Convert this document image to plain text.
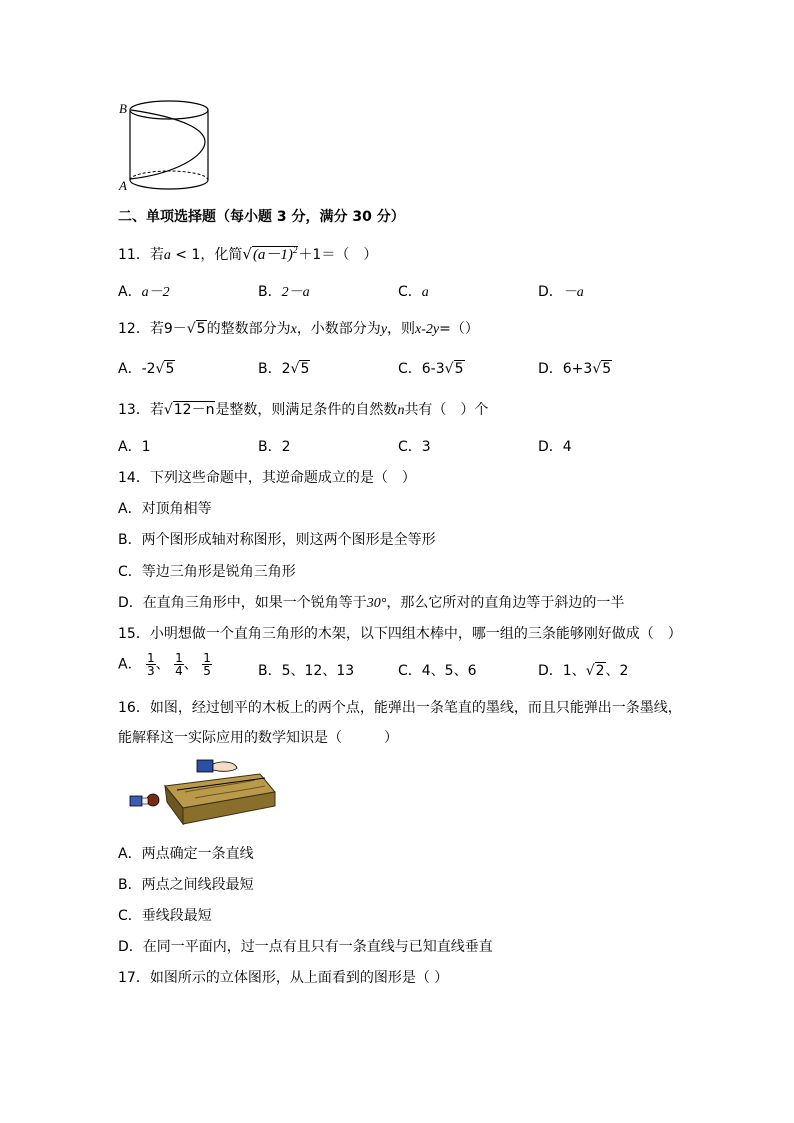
B
A
二、单项选择题（每小题 3 分，满分 30 分）
11．若a < 1，化简$√(a-1)^2+1=$（　）
A．a－2	B．2－a	C．a	D．－a
12．若9－√5的整数部分为x，小数部分为y，则x-2y=（）
A．-2√5	B．2√5	C．6-3√5	D．6+3√5
13．若√12－n是整数，则满足条件的自然数n共有（　）个
A．1	B．2	C．3	D．4
14．下列这些命题中，其逆命题成立的是（　）
A．对顶角相等
B．两个图形成轴对称图形，则这两个图形是全等形
C．等边三角形是锐角三角形
D．在直角三角形中，如果一个锐角等于30°，那么它所对的直角边等于斜边的一半
15．小明想做一个直角三角形的木架，以下四组木棒中，哪一组的三条能够刚好做成（　）
A． $\frac{1}{3}$ 、 $\frac{1}{4}$ 、 $\frac{1}{5}$	B．5、12、13	C．4、5、6	D．1、√2、2
16．如图，经过刨平的木板上的两个点，能弹出一条笔直的墨线，而且只能弹出一条墨线，
能解释这一实际应用的数学知识是（　　　）
A．两点确定一条直线
B．两点之间线段最短
C．垂线段最短
D．在同一平面内，过一点有且只有一条直线与已知直线垂直
17．如图所示的立体图形，从上面看到的图形是（ ）
